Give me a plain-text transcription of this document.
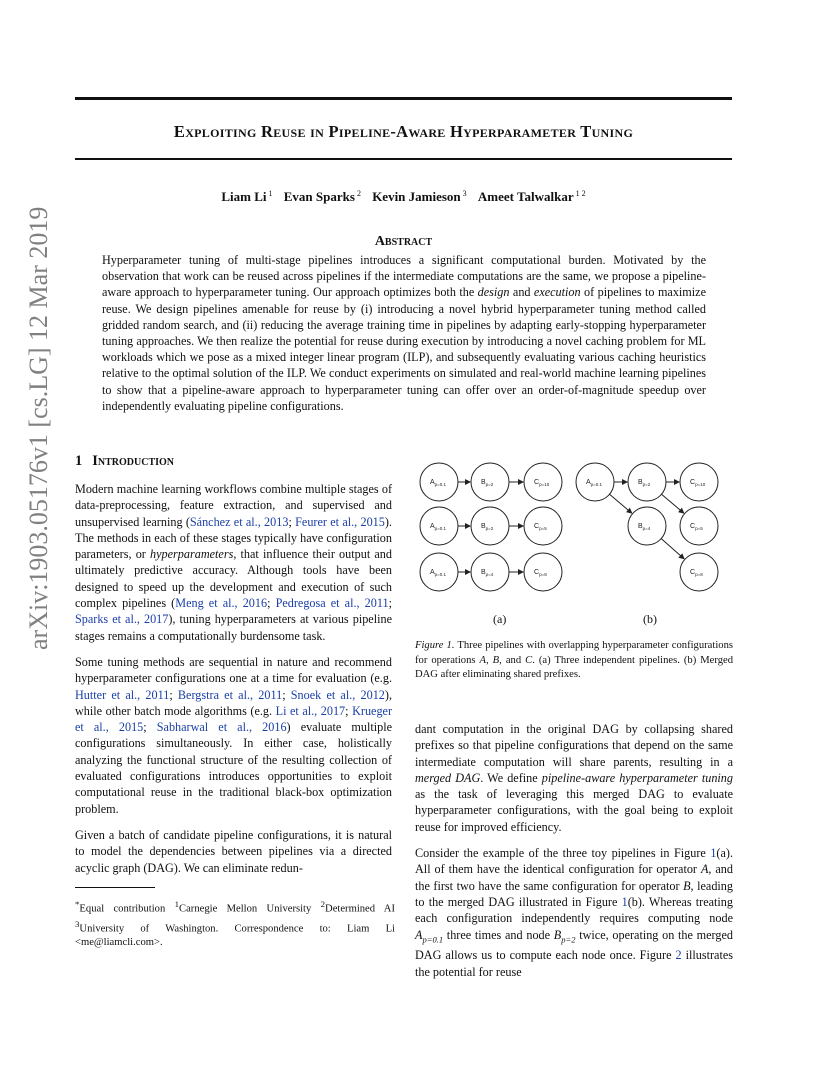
Exploiting Reuse in Pipeline-Aware Hyperparameter Tuning
Liam Li $^1$ Evan Sparks $^2$ Kevin Jamieson $^3$ Ameet Talwalkar $^{1 2}$
Abstract

Hyperparameter tuning of multi-stage pipelines introduces a significant computational burden. Motivated by the observation that work can be reused across pipelines if the intermediate computations are the same, we propose a pipeline-aware approach to hyperparameter tuning. Our approach optimizes both the design and execution of pipelines to maximize reuse. We design pipelines amenable for reuse by (i) introducing a novel hybrid hyperparameter tuning method called gridded random search, and (ii) reducing the average training time in pipelines by adapting early-stopping hyperparameter tuning approaches. We then realize the potential for reuse during execution by introducing a novel caching problem for ML workloads which we pose as a mixed integer linear program (ILP), and subsequently evaluating various caching heuristics relative to the optimal solution of the ILP. We conduct experiments on simulated and real-world machine learning pipelines to show that a pipeline-aware approach to hyperparameter tuning can offer over an order-of-magnitude speedup over independently evaluating pipeline configurations.

arXiv:1903.05176v1 [cs.LG] 12 Mar 2019	1 Introduction

Modern machine learning workflows combine multiple stages of data-preprocessing, feature extraction, and supervised and unsupervised learning (Sánchez et al., 2013; Feurer et al., 2015). The methods in each of these stages typically have configuration parameters, or hyperparameters, that influence their output and ultimately predictive accuracy. Although tools have been designed to speed up the development and execution of such complex pipelines (Meng et al., 2016; Pedregosa et al., 2011; Sparks et al., 2017), tuning hyperparameters at various pipeline stages remains a computationally burdensome task.

Some tuning methods are sequential in nature and recommend hyperparameter configurations one at a time for evaluation (e.g. Hutter et al., 2011; Bergstra et al., 2011; Snoek et al., 2012), while other batch mode algorithms (e.g. Li et al., 2017; Krueger et al., 2015; Sabharwal et al., 2016) evaluate multiple configurations simultaneously. In either case, holistically analyzing the functional structure of the resulting collection of evaluated configurations introduces opportunities to exploit computational reuse in the traditional black-box optimization problem.

Given a batch of candidate pipeline configurations, it is natural to model the dependencies between pipelines via a directed acyclic graph (DAG). We can eliminate redun-

*Equal contribution $^1$Carnegie Mellon University $^2$Determined AI $^3$University of Washington. Correspondence to: Liam Li <me@liamcli.com>.
$A_{p=0.1}$	$B_{p=2}$	$C_{p=10}$
$A_{p=0.1}$	$B_{p=2}$	$C_{p=5}$
$A_{p=0.1}$	$B_{p=4}$	$C_{p=8}$
$A_{p=0.1}$	$B_{p=2}$	$C_{p=10}$
$B_{p=4}$	$C_{p=5}$
$C_{p=8}$
(a)	(b)
Figure 1. Three pipelines with overlapping hyperparameter configurations for operations A, B, and C. (a) Three independent pipelines. (b) Merged DAG after eliminating shared prefixes.

dant computation in the original DAG by collapsing shared prefixes so that pipeline configurations that depend on the same intermediate computation will share parents, resulting in a merged DAG. We define pipeline-aware hyperparameter tuning as the task of leveraging this merged DAG to evaluate hyperparameter configurations, with the goal being to exploit reuse for improved efficiency.

Consider the example of the three toy pipelines in Figure 1(a). All of them have the identical configuration for operator A, and the first two have the same configuration for operator B, leading to the merged DAG illustrated in Figure 1(b). Whereas treating each configuration independently requires computing node $A_{p=0.1}$ three times and node $B_{p=2}$ twice, operating on the merged DAG allows us to compute each node once. Figure 2 illustrates the potential for reuse
